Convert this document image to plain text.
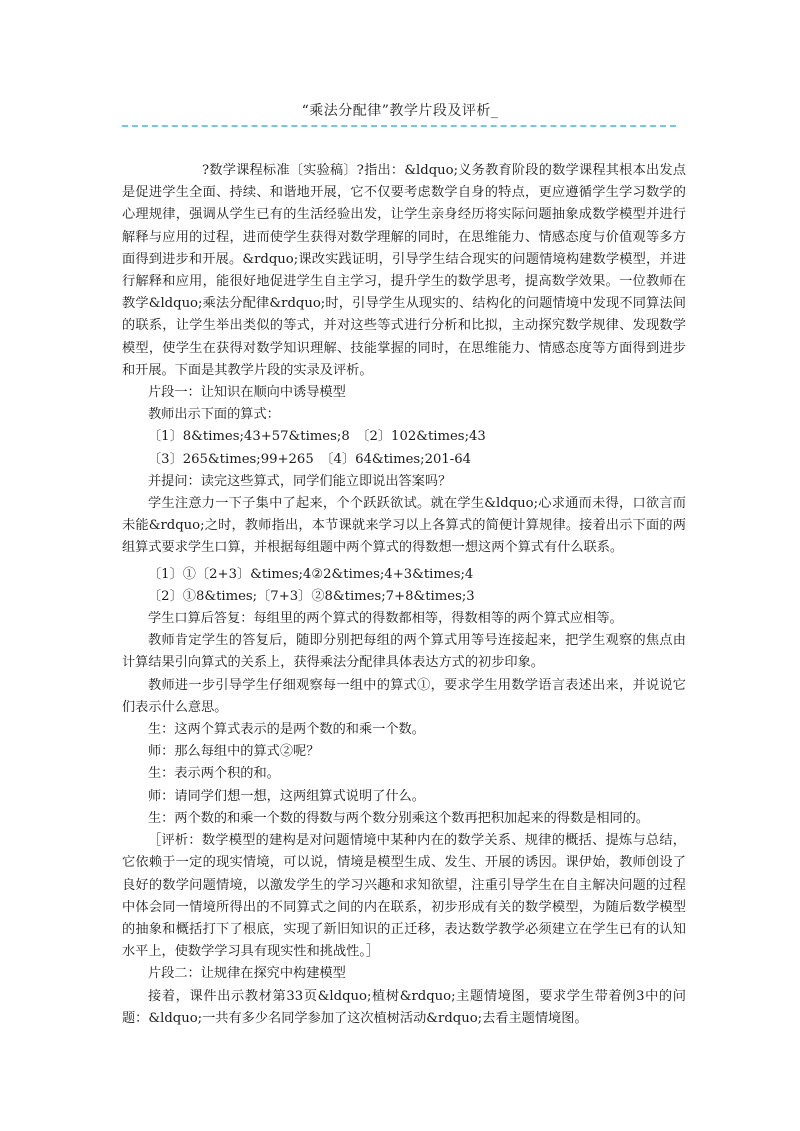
“乘法分配律”教学片段及评析_

?数学课程标准〔实验稿〕?指出：&ldquo;义务教育阶段的数学课程其根本出发点是促进学生全面、持续、和谐地开展，它不仅要考虑数学自身的特点，更应遵循学生学习数学的心理规律，强调从学生已有的生活经验出发，让学生亲身经历将实际问题抽象成数学模型并进行解释与应用的过程，进而使学生获得对数学理解的同时，在思维能力、情感态度与价值观等多方面得到进步和开展。&rdquo;课改实践证明，引导学生结合现实的问题情境构建数学模型，并进行解释和应用，能很好地促进学生自主学习，提升学生的数学思考，提高数学效果。一位教师在教学&ldquo;乘法分配律&rdquo;时，引导学生从现实的、结构化的问题情境中发现不同算法间的联系，让学生举出类似的等式，并对这些等式进行分析和比拟，主动探究数学规律、发现数学模型，使学生在获得对数学知识理解、技能掌握的同时，在思维能力、情感态度等方面得到进步和开展。下面是其教学片段的实录及评析。

片段一：让知识在顺向中诱导模型

教师出示下面的算式：

〔1〕8&times;43+57&times;8　〔2〕102&times;43

〔3〕265&times;99+265　〔4〕64&times;201-64

并提问：读完这些算式，同学们能立即说出答案吗？

学生注意力一下子集中了起来，个个跃跃欲试。就在学生&ldquo;心求通而未得，口欲言而未能&rdquo;之时，教师指出，本节课就来学习以上各算式的简便计算规律。接着出示下面的两组算式要求学生口算，并根据每组题中两个算式的得数想一想这两个算式有什么联系。

〔1〕①〔2+3〕&times;4②2&times;4+3&times;4

〔2〕①8&times;〔7+3〕②8&times;7+8&times;3

学生口算后答复：每组里的两个算式的得数都相等，得数相等的两个算式应相等。

教师肯定学生的答复后，随即分别把每组的两个算式用等号连接起来，把学生观察的焦点由计算结果引向算式的关系上，获得乘法分配律具体表达方式的初步印象。

教师进一步引导学生仔细观察每一组中的算式①，要求学生用数学语言表述出来，并说说它们表示什么意思。

生：这两个算式表示的是两个数的和乘一个数。

师：那么每组中的算式②呢？

生：表示两个积的和。

师：请同学们想一想，这两组算式说明了什么。

生：两个数的和乘一个数的得数与两个数分别乘这个数再把积加起来的得数是相同的。

［评析：数学模型的建构是对问题情境中某种内在的数学关系、规律的概括、提炼与总结，它依赖于一定的现实情境，可以说，情境是模型生成、发生、开展的诱因。课伊始，教师创设了良好的数学问题情境，以激发学生的学习兴趣和求知欲望，注重引导学生在自主解决问题的过程中体会同一情境所得出的不同算式之间的内在联系，初步形成有关的数学模型，为随后数学模型的抽象和概括打下了根底，实现了新旧知识的正迁移，表达数学教学必须建立在学生已有的认知水平上，使数学学习具有现实性和挑战性。］

片段二：让规律在探究中构建模型

接着，课件出示教材第33页&ldquo;植树&rdquo;主题情境图，要求学生带着例3中的问题：&ldquo;一共有多少名同学参加了这次植树活动&rdquo;去看主题情境图。
